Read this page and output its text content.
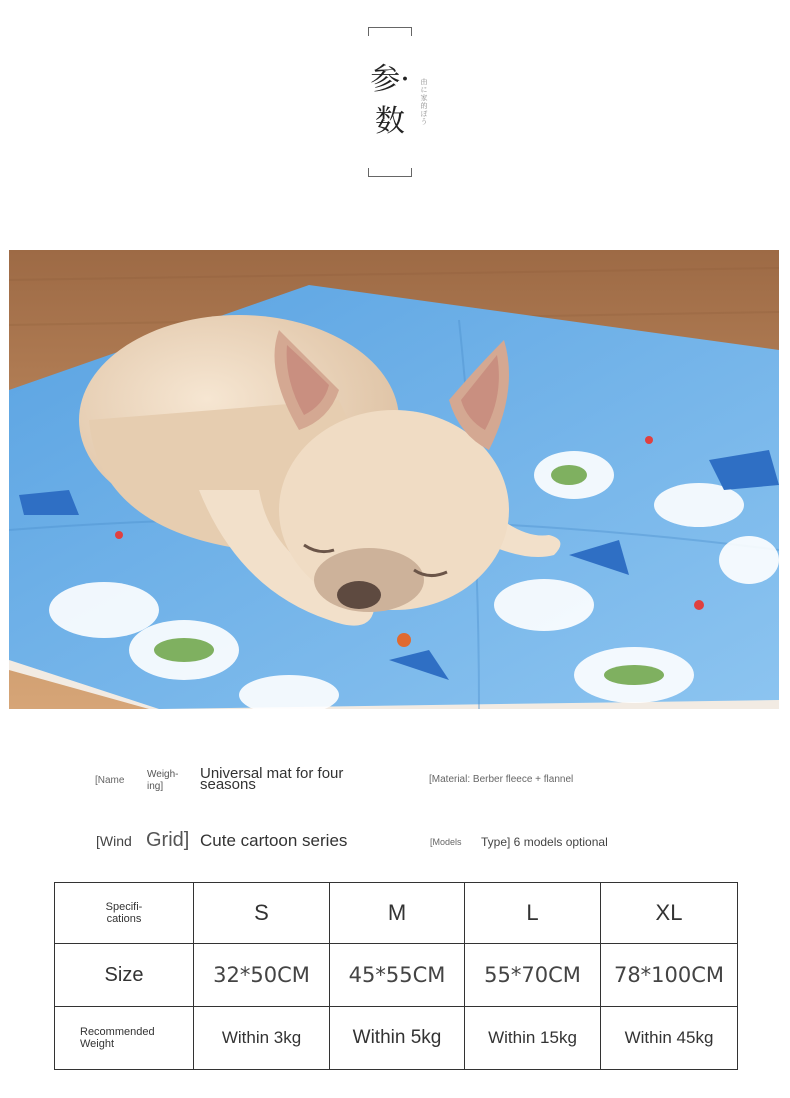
参·
数	由に家的ぼう
[Name
Weigh-
ing]
Universal mat for four
seasons	[Material: Berber fleece + flannel
[Wind Grid] Cute cartoon series	[Models Type] 6 models optional
Specifi-
cations	S	M	L	XL
Size	32*50CM	45*55CM	55*70CM	78*100CM

Recommended
Weight	Within 3kg	Within 5kg	Within 15kg	Within 45kg
